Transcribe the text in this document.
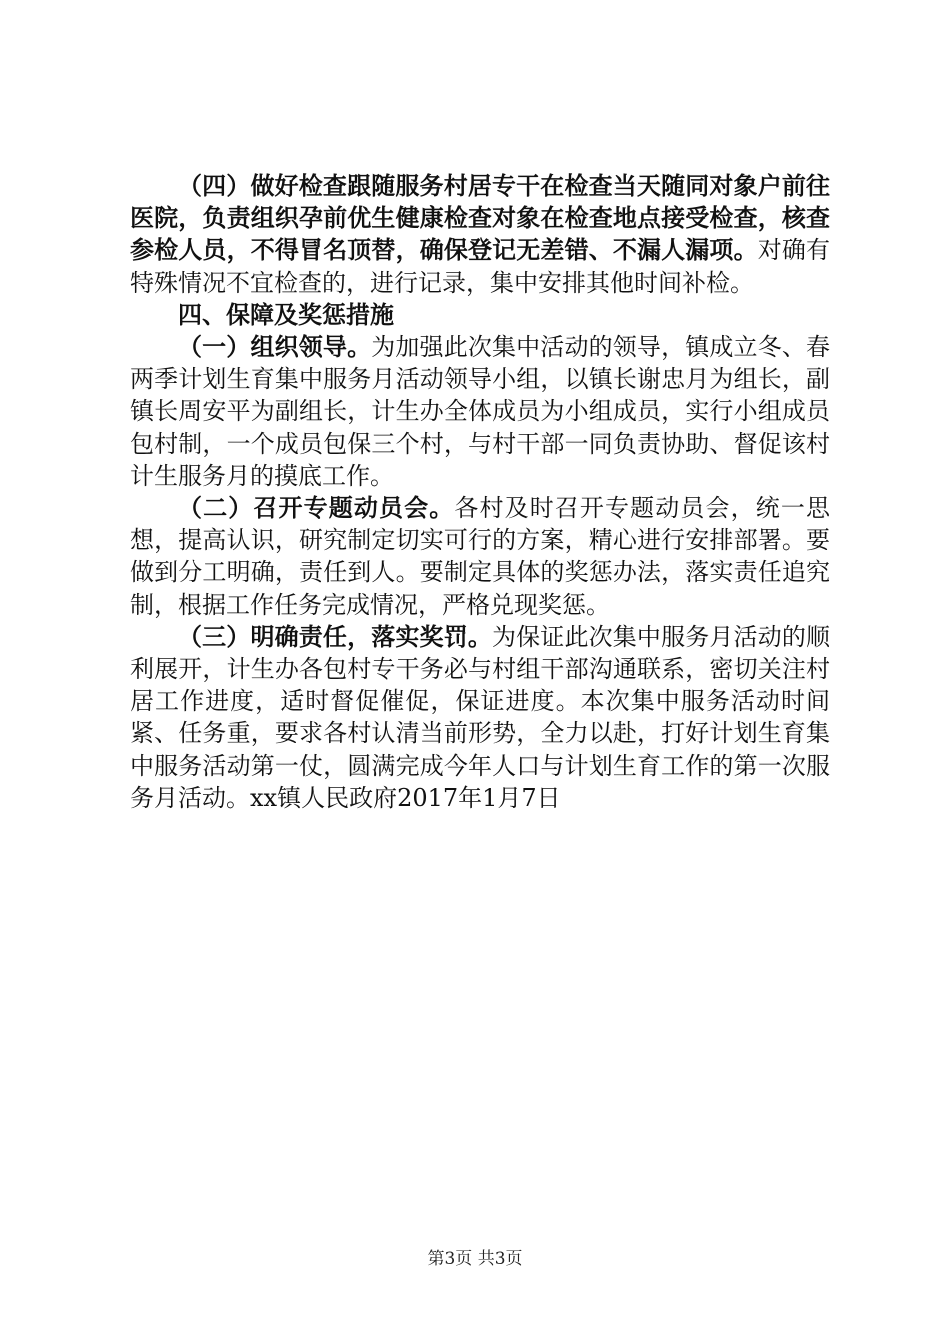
（四）做好检查跟随服务村居专干在检查当天随同对象户前往医院，负责组织孕前优生健康检查对象在检查地点接受检查，核查参检人员，不得冒名顶替，确保登记无差错、不漏人漏项。对确有特殊情况不宜检查的，进行记录，集中安排其他时间补检。

四、保障及奖惩措施

（一）组织领导。为加强此次集中活动的领导，镇成立冬、春两季计划生育集中服务月活动领导小组，以镇长谢忠月为组长，副镇长周安平为副组长，计生办全体成员为小组成员，实行小组成员包村制，一个成员包保三个村，与村干部一同负责协助、督促该村计生服务月的摸底工作。

（二）召开专题动员会。各村及时召开专题动员会，统一思想，提高认识，研究制定切实可行的方案，精心进行安排部署。要做到分工明确，责任到人。要制定具体的奖惩办法，落实责任追究制，根据工作任务完成情况，严格兑现奖惩。

（三）明确责任，落实奖罚。为保证此次集中服务月活动的顺利展开，计生办各包村专干务必与村组干部沟通联系，密切关注村居工作进度，适时督促催促，保证进度。本次集中服务活动时间紧、任务重，要求各村认清当前形势，全力以赴，打好计划生育集中服务活动第一仗，圆满完成今年人口与计划生育工作的第一次服务月活动。xx镇人民政府2017年1月7日

第3页 共3页
